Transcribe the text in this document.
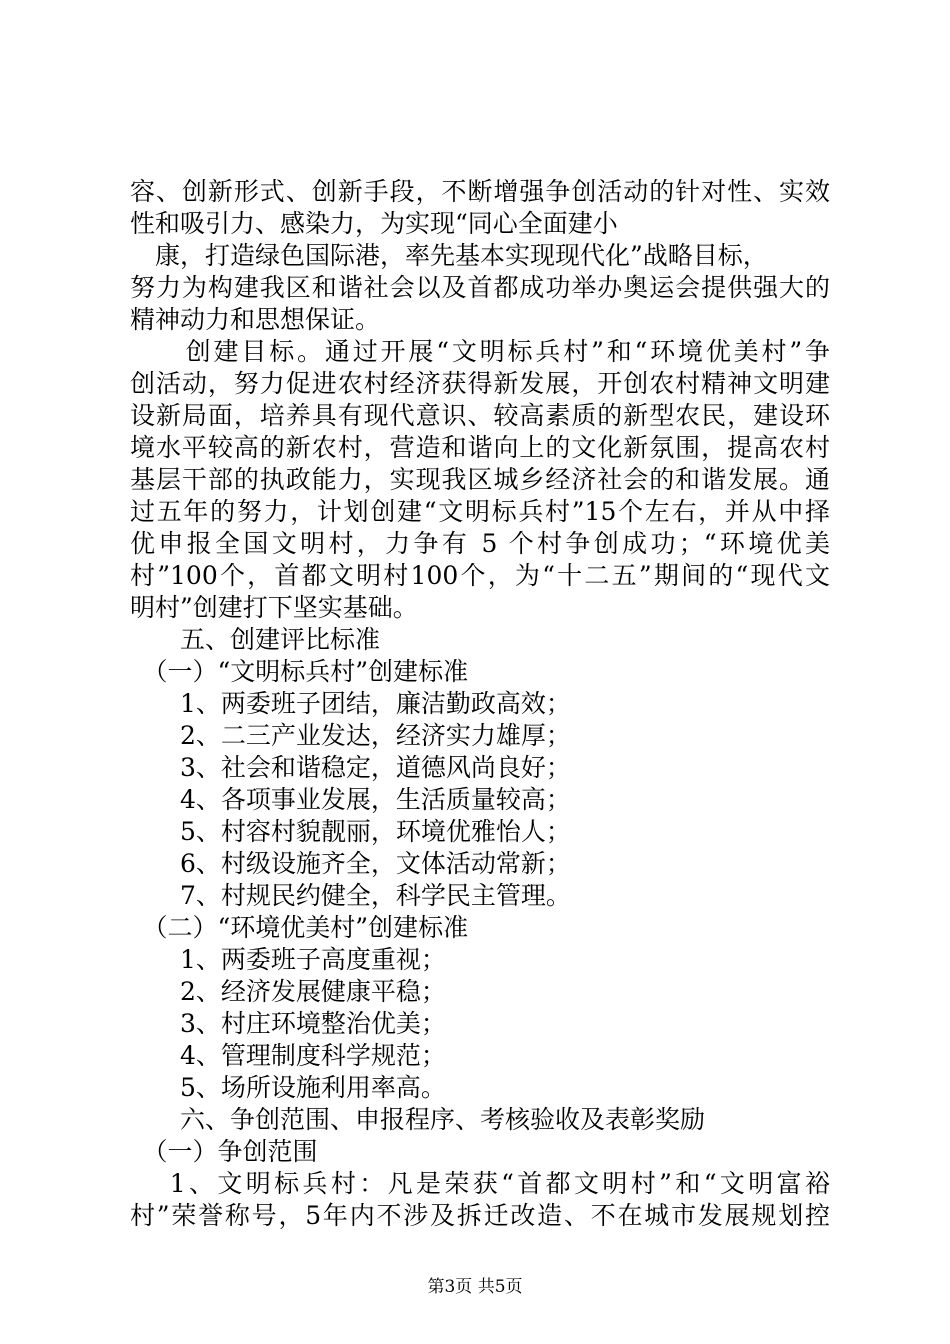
容、创新形式、创新手段，不断增强争创活动的针对性、实效
性和吸引力、感染力，为实现“同心全面建小
　康，打造绿色国际港，率先基本实现现代化”战略目标，
努力为构建我区和谐社会以及首都成功举办奥运会提供强大的
精神动力和思想保证。
　　创建目标。通过开展“文明标兵村”和“环境优美村”争
创活动，努力促进农村经济获得新发展，开创农村精神文明建
设新局面，培养具有现代意识、较高素质的新型农民，建设环
境水平较高的新农村，营造和谐向上的文化新氛围，提高农村
基层干部的执政能力，实现我区城乡经济社会的和谐发展。通
过五年的努力，计划创建“文明标兵村”15个左右，并从中择
优申报全国文明村，力争有 5 个村争创成功；“环境优美
村”100个，首都文明村100个，为“十二五”期间的“现代文
明村”创建打下坚实基础。
　　五、创建评比标准
　（一）“文明标兵村”创建标准
　　1、两委班子团结，廉洁勤政高效；
　　2、二三产业发达，经济实力雄厚；
　　3、社会和谐稳定，道德风尚良好；
　　4、各项事业发展，生活质量较高；
　　5、村容村貌靓丽，环境优雅怡人；
　　6、村级设施齐全，文体活动常新；
　　7、村规民约健全，科学民主管理。
　（二）“环境优美村”创建标准
　　1、两委班子高度重视；
　　2、经济发展健康平稳；
　　3、村庄环境整治优美；
　　4、管理制度科学规范；
　　5、场所设施利用率高。
　　六、争创范围、申报程序、考核验收及表彰奖励
　（一）争创范围
　 1、文明标兵村：凡是荣获“首都文明村”和“文明富裕
村”荣誉称号，5年内不涉及拆迁改造、不在城市发展规划控
第3页 共5页
